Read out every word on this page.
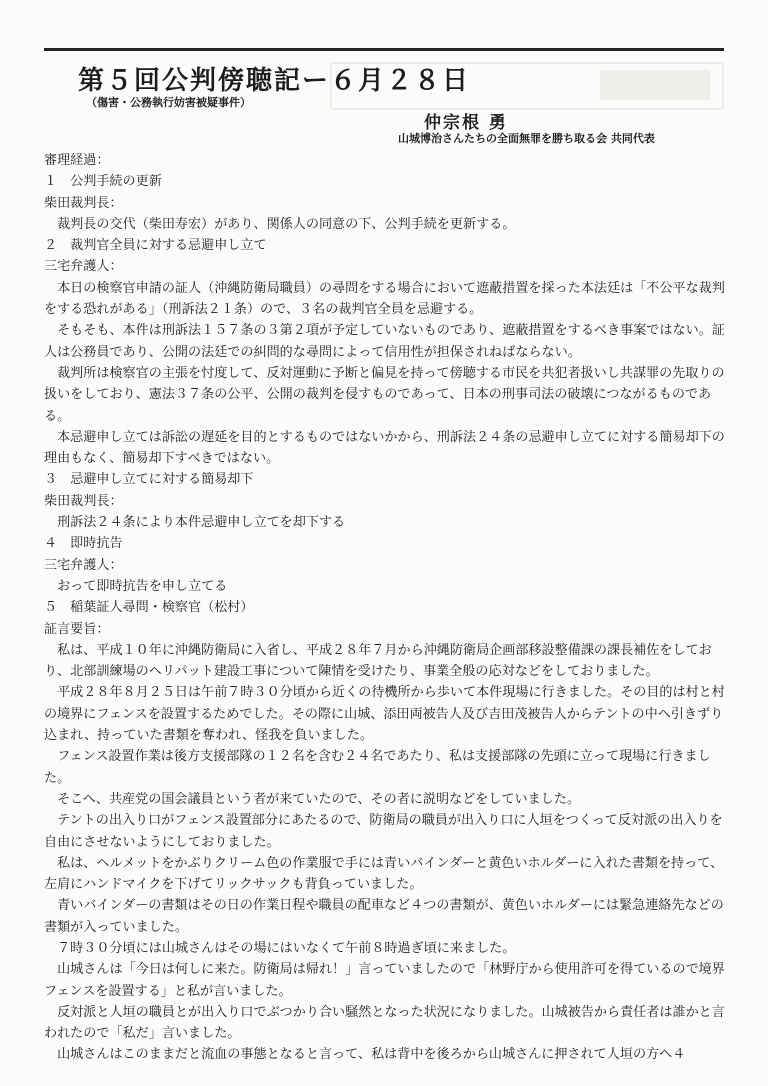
第５回公判傍聴記ー６月２８日
（傷害・公務執行妨害被疑事件）
仲宗根 勇
山城博治さんたちの全面無罪を勝ち取る会 共同代表

審理経過：

１　公判手続の更新

柴田裁判長：

裁判長の交代（柴田寿宏）があり、関係人の同意の下、公判手続を更新する。

２　裁判官全員に対する忌避申し立て

三宅弁護人：

本日の検察官申請の証人（沖縄防衛局職員）の尋問をする場合において遮蔽措置を採った本法廷は「不公平な裁判をする恐れがある」（刑訴法２１条）ので、３名の裁判官全員を忌避する。

そもそも、本件は刑訴法１５７条の３第２項が予定していないものであり、遮蔽措置をするべき事案ではない。証人は公務員であり、公開の法廷での糾問的な尋問によって信用性が担保されねばならない。

裁判所は検察官の主張を忖度して、反対運動に予断と偏見を持って傍聴する市民を共犯者扱いし共謀罪の先取りの扱いをしており、憲法３７条の公平、公開の裁判を侵すものであって、日本の刑事司法の破壊につながるものである。

本忌避申し立ては訴訟の遅延を目的とするものではないかから、刑訴法２４条の忌避申し立てに対する簡易却下の理由もなく、簡易却下すべきではない。

３　忌避申し立てに対する簡易却下

柴田裁判長：

刑訴法２４条により本件忌避申し立てを却下する

４　即時抗告

三宅弁護人：

おって即時抗告を申し立てる

５　稲葉証人尋問・検察官（松村）

証言要旨：

私は、平成１０年に沖縄防衛局に入省し、平成２８年７月から沖縄防衛局企画部移設整備課の課長補佐をしており、北部訓練場のヘリパット建設工事について陳情を受けたり、事業全般の応対などをしておりました。

平成２８年８月２５日は午前７時３０分頃から近くの待機所から歩いて本件現場に行きました。その目的は村と村の境界にフェンスを設置するためでした。その際に山城、添田両被告人及び吉田茂被告人からテントの中へ引きずり込まれ、持っていた書類を奪われ、怪我を負いました。

フェンス設置作業は後方支援部隊の１２名を含む２４名であたり、私は支援部隊の先頭に立って現場に行きました。

そこへ、共産党の国会議員という者が来ていたので、その者に説明などをしていました。

テントの出入り口がフェンス設置部分にあたるので、防衛局の職員が出入り口に人垣をつくって反対派の出入りを自由にさせないようにしておりました。

私は、ヘルメットをかぶりクリーム色の作業服で手には青いバインダーと黄色いホルダーに入れた書類を持って、左肩にハンドマイクを下げてリックサックも背負っていました。

青いバインダーの書類はその日の作業日程や職員の配車など４つの書類が、黄色いホルダーには緊急連絡先などの書類が入っていました。

７時３０分頃には山城さんはその場にはいなくて午前８時過ぎ頃に来ました。

山城さんは「今日は何しに来た。防衛局は帰れ！」言っていましたので「林野庁から使用許可を得ているので境界フェンスを設置する」と私が言いました。

反対派と人垣の職員とが出入り口でぶつかり合い騒然となった状況になりました。山城被告から責任者は誰かと言われたので「私だ」言いました。

山城さんはこのままだと流血の事態となると言って、私は背中を後ろから山城さんに押されて人垣の方へ４
